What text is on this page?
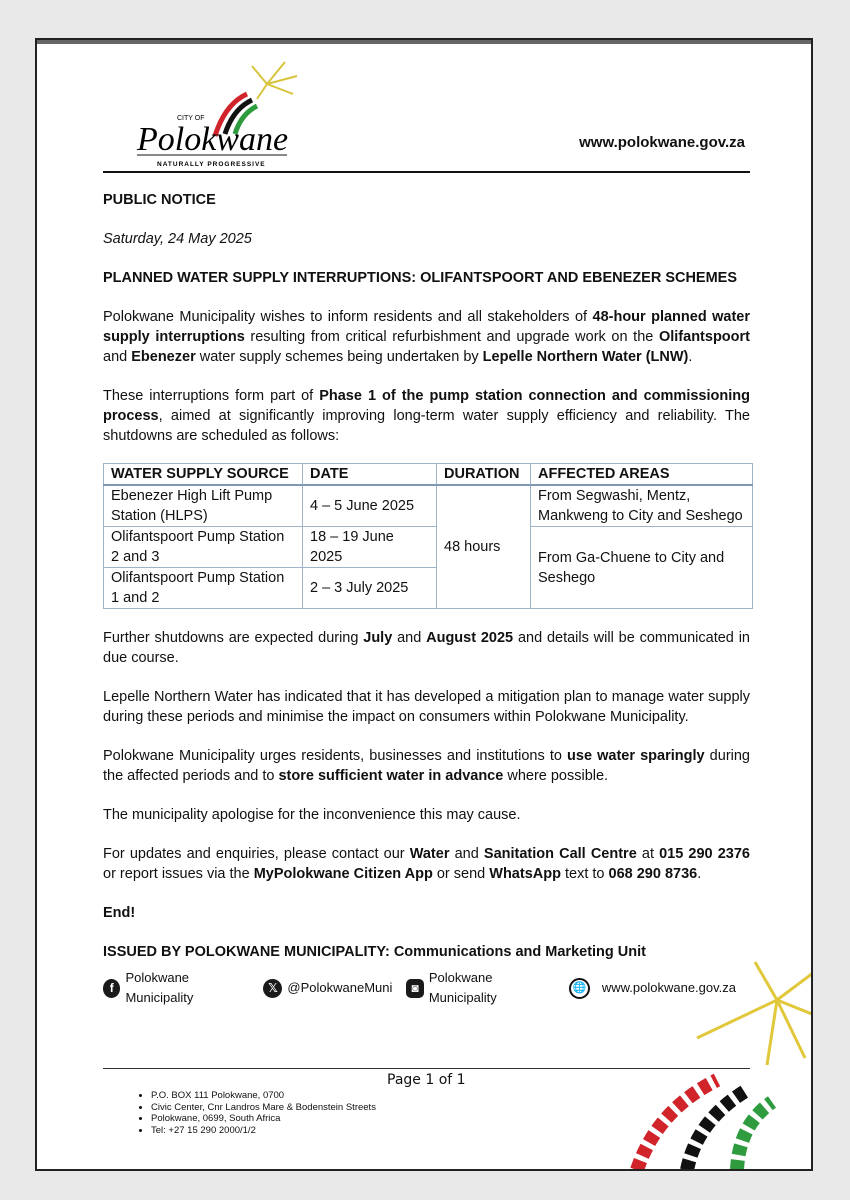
CITY OF
Polokwane
NATURALLY PROGRESSIVE
www.polokwane.gov.za

PUBLIC NOTICE

Saturday, 24 May 2025

PLANNED WATER SUPPLY INTERRUPTIONS: OLIFANTSPOORT AND EBENEZER SCHEMES

Polokwane Municipality wishes to inform residents and all stakeholders of 48-hour planned water supply interruptions resulting from critical refurbishment and upgrade work on the Olifantspoort and Ebenezer water supply schemes being undertaken by Lepelle Northern Water (LNW).

These interruptions form part of Phase 1 of the pump station connection and commissioning process, aimed at significantly improving long-term water supply efficiency and reliability. The shutdowns are scheduled as follows:

WATER SUPPLY SOURCE	DATE	DURATION	AFFECTED AREAS
Ebenezer High Lift Pump Station (HLPS)	4 – 5 June 2025	48 hours	From Segwashi, Mentz, Mankweng to City and Seshego
Olifantspoort Pump Station 2 and 3	18 – 19 June 2025		From Ga-Chuene to City and Seshego
Olifantspoort Pump Station 1 and 2	2 – 3 July 2025		

Further shutdowns are expected during July and August 2025 and details will be communicated in due course.

Lepelle Northern Water has indicated that it has developed a mitigation plan to manage water supply during these periods and minimise the impact on consumers within Polokwane Municipality.

Polokwane Municipality urges residents, businesses and institutions to use water sparingly during the affected periods and to store sufficient water in advance where possible.

The municipality apologise for the inconvenience this may cause.

For updates and enquiries, please contact our Water and Sanitation Call Centre at 015 290 2376 or report issues via the MyPolokwane Citizen App or send WhatsApp text to 068 290 8736.

End!

ISSUED BY POLOKWANE MUNICIPALITY: Communications and Marketing Unit

f
Polokwane Municipality
𝕏 @PolokwaneMuni	◙
Polokwane Municipality
🌐 www.polokwane.gov.za
Page 1 of 1
• P.O. BOX 111 Polokwane, 0700
• Civic Center, Cnr Landros Mare & Bodenstein Streets
• Polokwane, 0699, South Africa
• Tel: +27 15 290 2000/1/2
